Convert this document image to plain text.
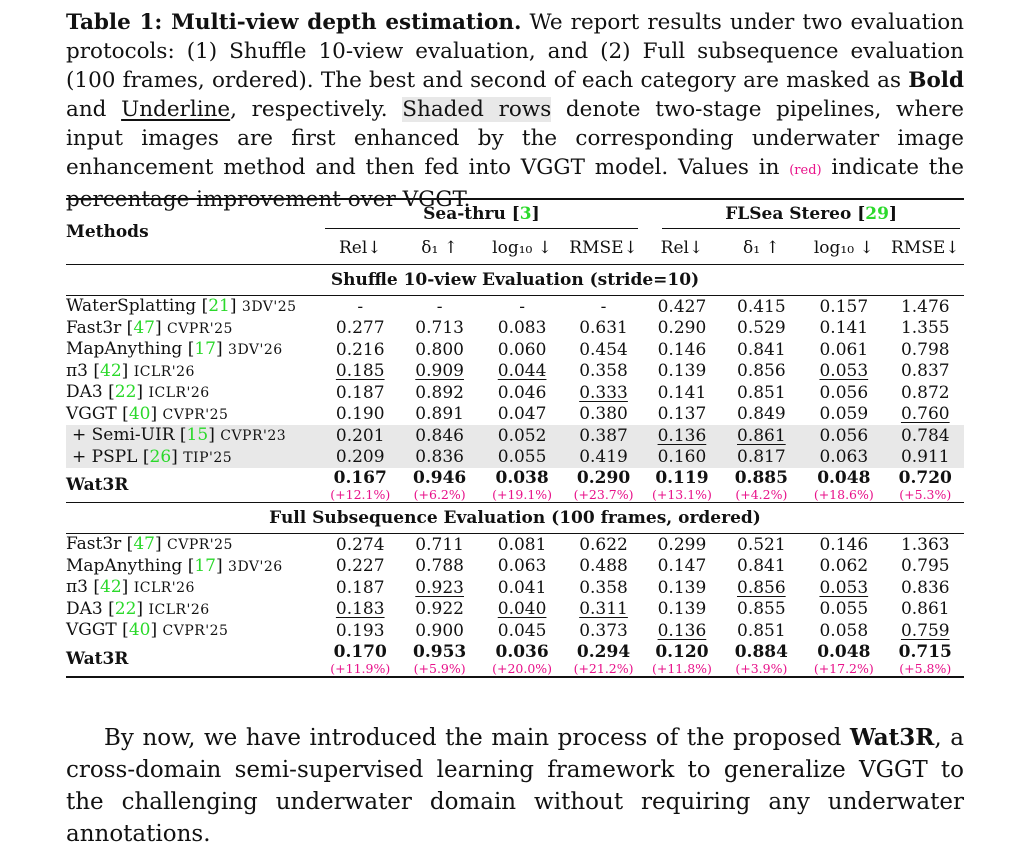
Table 1: Multi-view depth estimation. We report results under two evaluation protocols: (1) Shuffle 10-view evaluation, and (2) Full subsequence evaluation (100 frames, ordered). The best and second of each category are masked as Bold and Underline, respectively. Shaded rows denote two-stage pipelines, where input images are first enhanced by the corresponding underwater image enhancement method and then fed into VGGT model. Values in (red) indicate the percentage improvement over VGGT.
Methods	Sea-thru [3]				FLSea Stereo [29]			

	Rel↓	δ₁ ↑	log₁₀ ↓	RMSE↓	Rel↓	δ₁ ↑	log₁₀ ↓	RMSE↓
Shuffle 10-view Evaluation (stride=10)								
WaterSplatting [21] 3DV'25	-	-	-	-	0.427	0.415	0.157	1.476
Fast3r [47] CVPR'25	0.277	0.713	0.083	0.631	0.290	0.529	0.141	1.355
MapAnything [17] 3DV'26	0.216	0.800	0.060	0.454	0.146	0.841	0.061	0.798
π3 [42] ICLR'26	0.185	0.909	0.044	0.358	0.139	0.856	0.053	0.837
DA3 [22] ICLR'26	0.187	0.892	0.046	0.333	0.141	0.851	0.056	0.872
VGGT [40] CVPR'25	0.190	0.891	0.047	0.380	0.137	0.849	0.059	0.760
+ Semi-UIR [15] CVPR'23	0.201	0.846	0.052	0.387	0.136	0.861	0.056	0.784
+ PSPL [26] TIP'25	0.209	0.836	0.055	0.419	0.160	0.817	0.063	0.911
Wat3R	0.167	0.946	0.038	0.290	0.119	0.885	0.048	0.720
	(+12.1%)	(+6.2%)	(+19.1%)	(+23.7%)	(+13.1%)	(+4.2%)	(+18.6%)	(+5.3%)
Full Subsequence Evaluation (100 frames, ordered)								
Fast3r [47] CVPR'25	0.274	0.711	0.081	0.622	0.299	0.521	0.146	1.363
MapAnything [17] 3DV'26	0.227	0.788	0.063	0.488	0.147	0.841	0.062	0.795
π3 [42] ICLR'26	0.187	0.923	0.041	0.358	0.139	0.856	0.053	0.836
DA3 [22] ICLR'26	0.183	0.922	0.040	0.311	0.139	0.855	0.055	0.861
VGGT [40] CVPR'25	0.193	0.900	0.045	0.373	0.136	0.851	0.058	0.759
Wat3R	0.170	0.953	0.036	0.294	0.120	0.884	0.048	0.715
	(+11.9%)	(+5.9%)	(+20.0%)	(+21.2%)	(+11.8%)	(+3.9%)	(+17.2%)	(+5.8%)
By now, we have introduced the main process of the proposed Wat3R, a cross-domain semi-supervised learning framework to generalize VGGT to the challenging underwater domain without requiring any underwater annotations.
